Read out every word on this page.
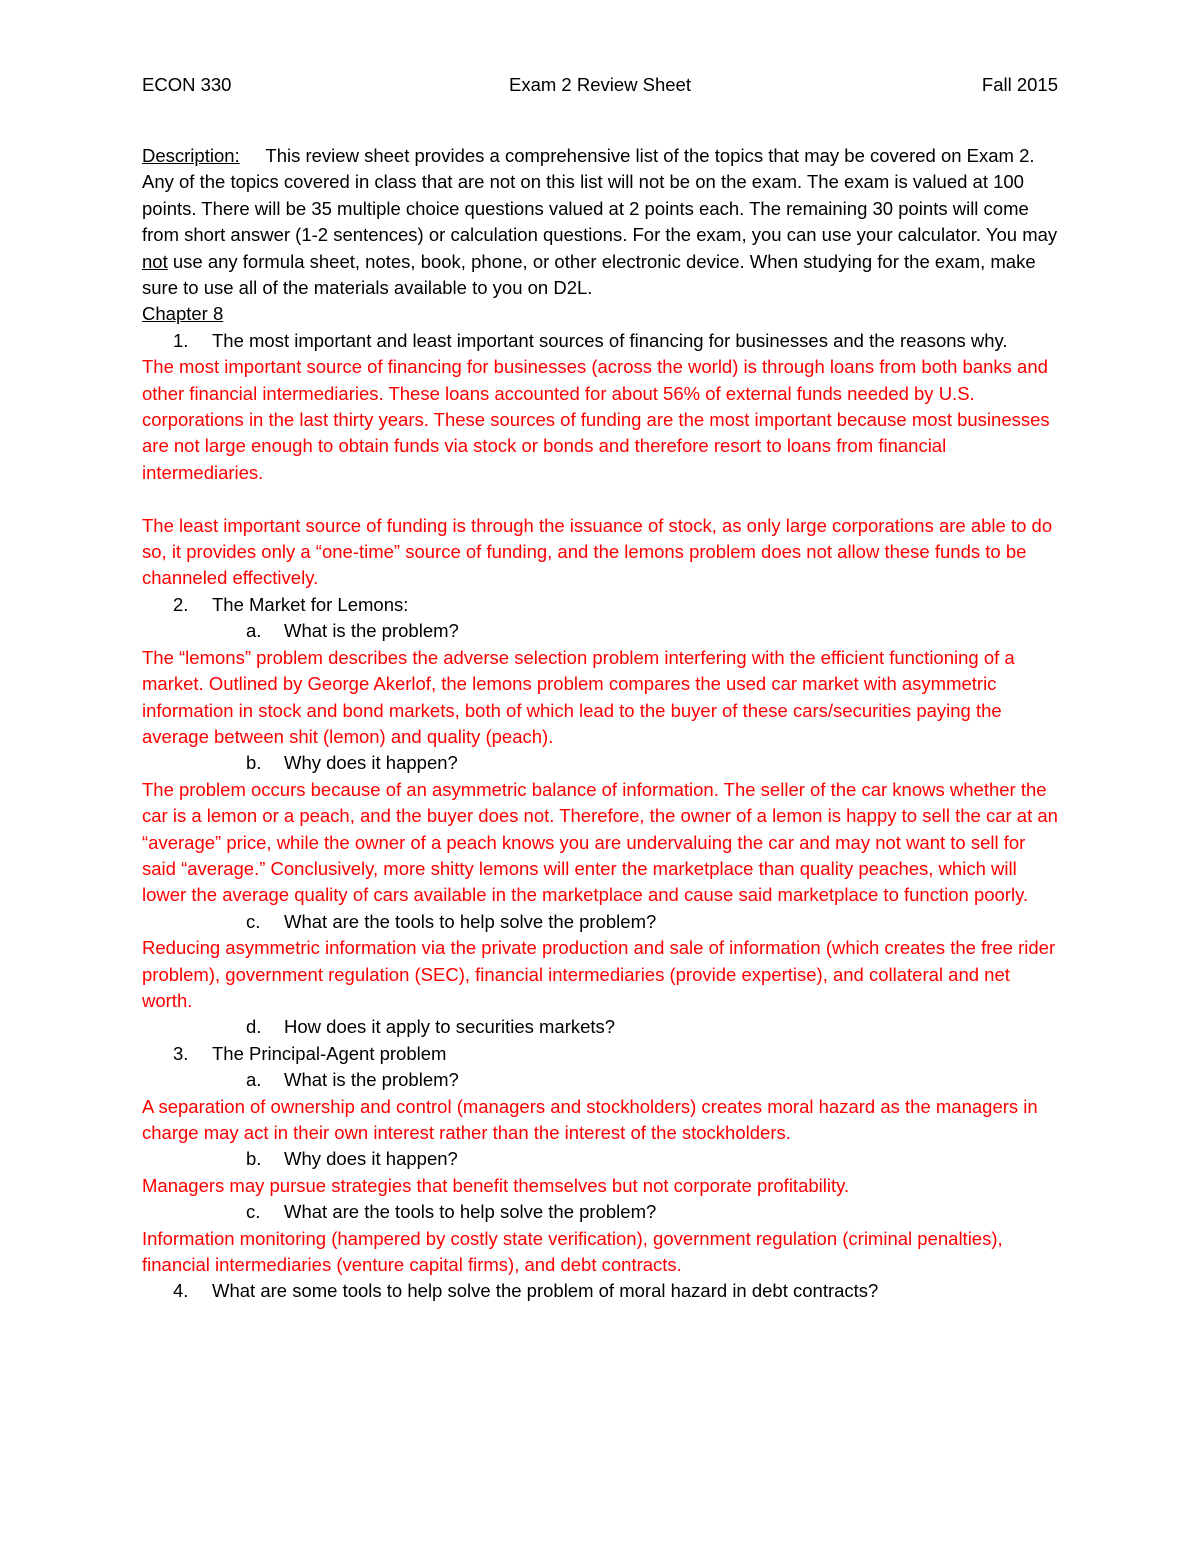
ECON 330	Exam 2 Review Sheet	Fall 2015

Description: This review sheet provides a comprehensive list of the topics that may be covered on Exam 2. Any of the topics covered in class that are not on this list will not be on the exam. The exam is valued at 100 points. There will be 35 multiple choice questions valued at 2 points each. The remaining 30 points will come from short answer (1-2 sentences) or calculation questions. For the exam, you can use your calculator. You may not use any formula sheet, notes, book, phone, or other electronic device. When studying for the exam, make sure to use all of the materials available to you on D2L.

Chapter 8

1. The most important and least important sources of financing for businesses and the reasons why.

The most important source of financing for businesses (across the world) is through loans from both banks and other financial intermediaries. These loans accounted for about 56% of external funds needed by U.S. corporations in the last thirty years. These sources of funding are the most important because most businesses are not large enough to obtain funds via stock or bonds and therefore resort to loans from financial intermediaries.

The least important source of funding is through the issuance of stock, as only large corporations are able to do so, it provides only a “one-time” source of funding, and the lemons problem does not allow these funds to be channeled effectively.

2. The Market for Lemons:
a. What is the problem?

The “lemons” problem describes the adverse selection problem interfering with the efficient functioning of a market. Outlined by George Akerlof, the lemons problem compares the used car market with asymmetric information in stock and bond markets, both of which lead to the buyer of these cars/securities paying the average between shit (lemon) and quality (peach).

b. Why does it happen?

The problem occurs because of an asymmetric balance of information. The seller of the car knows whether the car is a lemon or a peach, and the buyer does not. Therefore, the owner of a lemon is happy to sell the car at an “average” price, while the owner of a peach knows you are undervaluing the car and may not want to sell for said “average.” Conclusively, more shitty lemons will enter the marketplace than quality peaches, which will lower the average quality of cars available in the marketplace and cause said marketplace to function poorly.

c. What are the tools to help solve the problem?

Reducing asymmetric information via the private production and sale of information (which creates the free rider problem), government regulation (SEC), financial intermediaries (provide expertise), and collateral and net worth.

d. How does it apply to securities markets?
3. The Principal-Agent problem
a. What is the problem?

A separation of ownership and control (managers and stockholders) creates moral hazard as the managers in charge may act in their own interest rather than the interest of the stockholders.

b. Why does it happen?

Managers may pursue strategies that benefit themselves but not corporate profitability.

c. What are the tools to help solve the problem?

Information monitoring (hampered by costly state verification), government regulation (criminal penalties), financial intermediaries (venture capital firms), and debt contracts.

4. What are some tools to help solve the problem of moral hazard in debt contracts?
